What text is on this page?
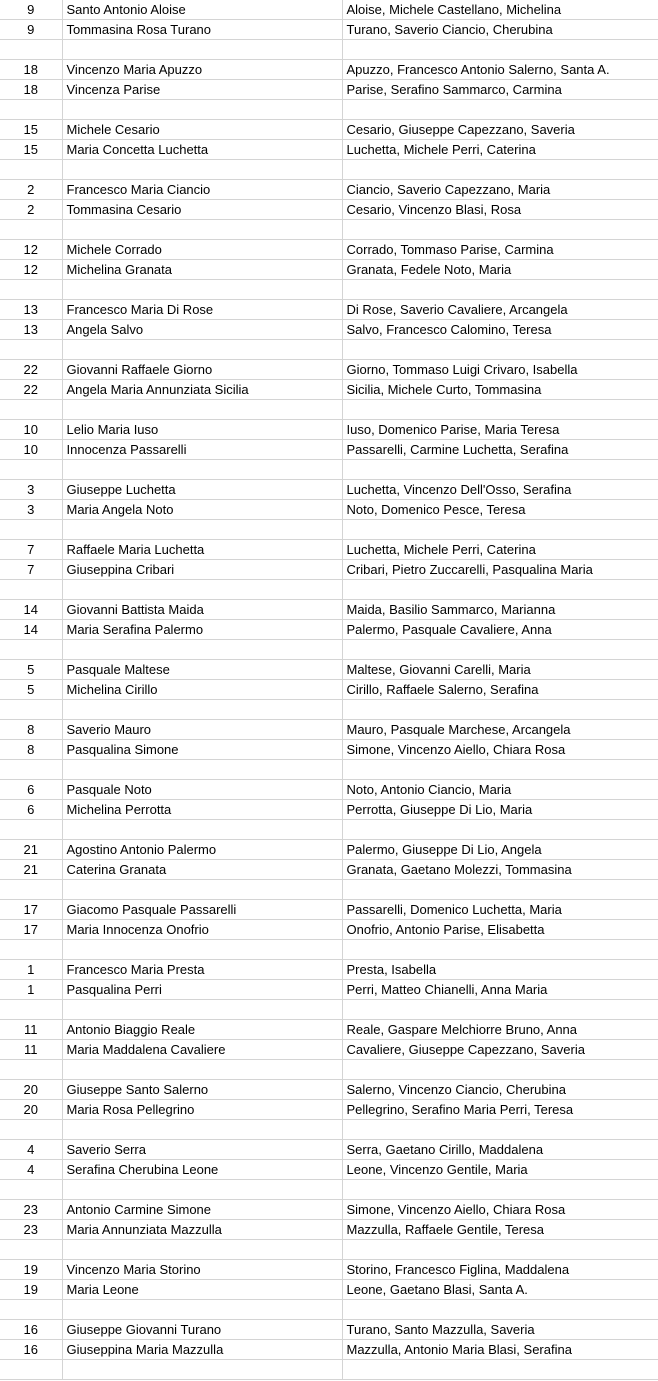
9	Santo Antonio Aloise	Aloise, Michele Castellano, Michelina
9	Tommasina Rosa Turano	Turano, Saverio Ciancio, Cherubina

18	Vincenzo Maria Apuzzo	Apuzzo, Francesco Antonio Salerno, Santa A.
18	Vincenza Parise	Parise, Serafino Sammarco, Carmina

15	Michele Cesario	Cesario, Giuseppe Capezzano, Saveria
15	Maria Concetta Luchetta	Luchetta, Michele Perri, Caterina

2	Francesco Maria Ciancio	Ciancio, Saverio Capezzano, Maria
2	Tommasina Cesario	Cesario, Vincenzo Blasi, Rosa

12	Michele Corrado	Corrado, Tommaso Parise, Carmina
12	Michelina Granata	Granata, Fedele Noto, Maria

13	Francesco Maria Di Rose	Di Rose, Saverio Cavaliere, Arcangela
13	Angela Salvo	Salvo, Francesco Calomino, Teresa

22	Giovanni Raffaele Giorno	Giorno, Tommaso Luigi Crivaro, Isabella
22	Angela Maria Annunziata Sicilia	Sicilia, Michele Curto, Tommasina

10	Lelio Maria Iuso	Iuso, Domenico Parise, Maria Teresa
10	Innocenza Passarelli	Passarelli, Carmine Luchetta, Serafina

3	Giuseppe Luchetta	Luchetta, Vincenzo Dell'Osso, Serafina
3	Maria Angela Noto	Noto, Domenico Pesce, Teresa

7	Raffaele Maria Luchetta	Luchetta, Michele Perri, Caterina
7	Giuseppina Cribari	Cribari, Pietro Zuccarelli, Pasqualina Maria

14	Giovanni Battista Maida	Maida, Basilio Sammarco, Marianna
14	Maria Serafina Palermo	Palermo, Pasquale Cavaliere, Anna

5	Pasquale Maltese	Maltese, Giovanni Carelli, Maria
5	Michelina Cirillo	Cirillo, Raffaele Salerno, Serafina

8	Saverio Mauro	Mauro, Pasquale Marchese, Arcangela
8	Pasqualina Simone	Simone, Vincenzo Aiello, Chiara Rosa

6	Pasquale Noto	Noto, Antonio Ciancio, Maria
6	Michelina Perrotta	Perrotta, Giuseppe Di Lio, Maria

21	Agostino Antonio Palermo	Palermo, Giuseppe Di Lio, Angela
21	Caterina Granata	Granata, Gaetano Molezzi, Tommasina

17	Giacomo Pasquale Passarelli	Passarelli, Domenico Luchetta, Maria
17	Maria Innocenza Onofrio	Onofrio, Antonio Parise, Elisabetta

1	Francesco Maria Presta	Presta, Isabella
1	Pasqualina Perri	Perri, Matteo Chianelli, Anna Maria

11	Antonio Biaggio Reale	Reale, Gaspare Melchiorre Bruno, Anna
11	Maria Maddalena Cavaliere	Cavaliere, Giuseppe Capezzano, Saveria

20	Giuseppe Santo Salerno	Salerno, Vincenzo Ciancio, Cherubina
20	Maria Rosa Pellegrino	Pellegrino, Serafino Maria Perri, Teresa

4	Saverio Serra	Serra, Gaetano Cirillo, Maddalena
4	Serafina Cherubina Leone	Leone, Vincenzo Gentile, Maria

23	Antonio Carmine Simone	Simone, Vincenzo Aiello, Chiara Rosa
23	Maria Annunziata Mazzulla	Mazzulla, Raffaele Gentile, Teresa

19	Vincenzo Maria Storino	Storino, Francesco Figlina, Maddalena
19	Maria Leone	Leone, Gaetano Blasi, Santa A.

16	Giuseppe Giovanni Turano	Turano, Santo Mazzulla, Saveria
16	Giuseppina Maria Mazzulla	Mazzulla, Antonio Maria Blasi, Serafina
